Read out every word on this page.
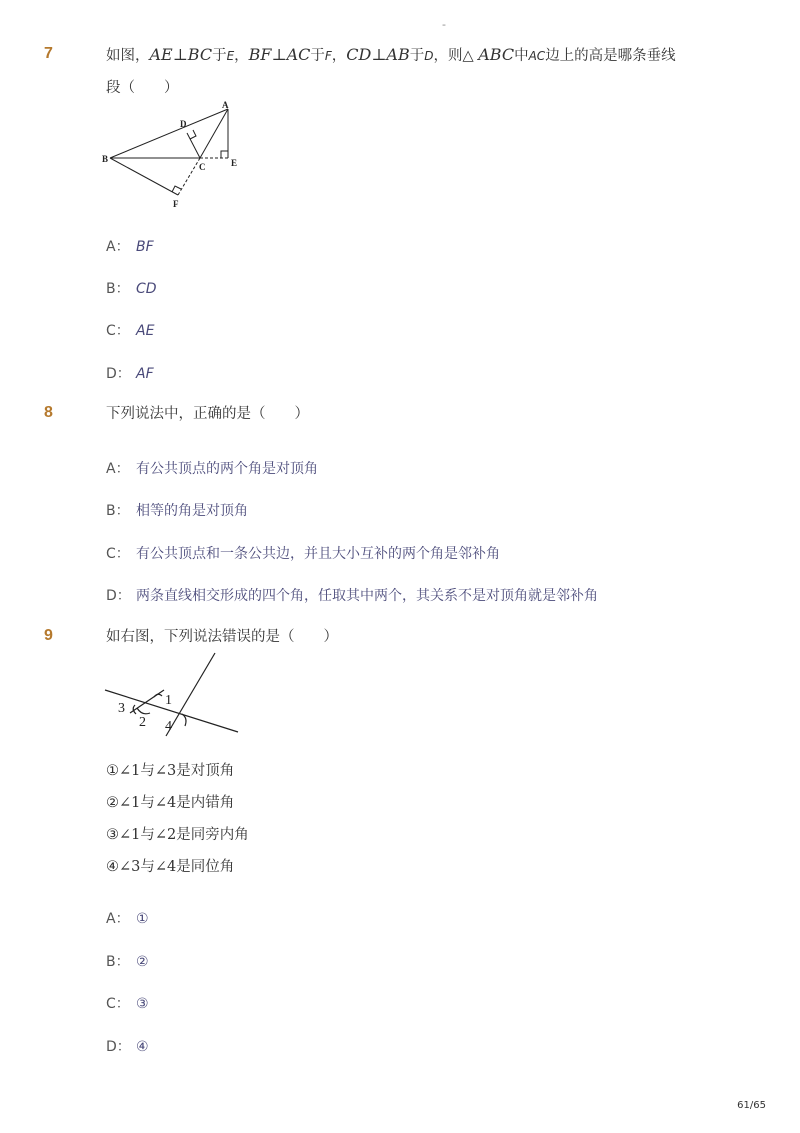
-
7	如图，AE⊥BC于E，BF⊥AC于F，CD⊥AB于D，则△ ABC中AC边上的高是哪条垂线
段（　　）
A
B
C
D
E
F
A： BF
B： CD
C： AE
D： AF
8	下列说法中，正确的是（　　）
A： 有公共顶点的两个角是对顶角
B： 相等的角是对顶角
C： 有公共顶点和一条公共边，并且大小互补的两个角是邻补角
D： 两条直线相交形成的四个角，任取其中两个，其关系不是对顶角就是邻补角
9	如右图，下列说法错误的是（　　）
1
2
3
4
①∠1与∠3是对顶角
②∠1与∠4是内错角
③∠1与∠2是同旁内角
④∠3与∠4是同位角
A： ①
B： ②
C： ③
D： ④
61/65
